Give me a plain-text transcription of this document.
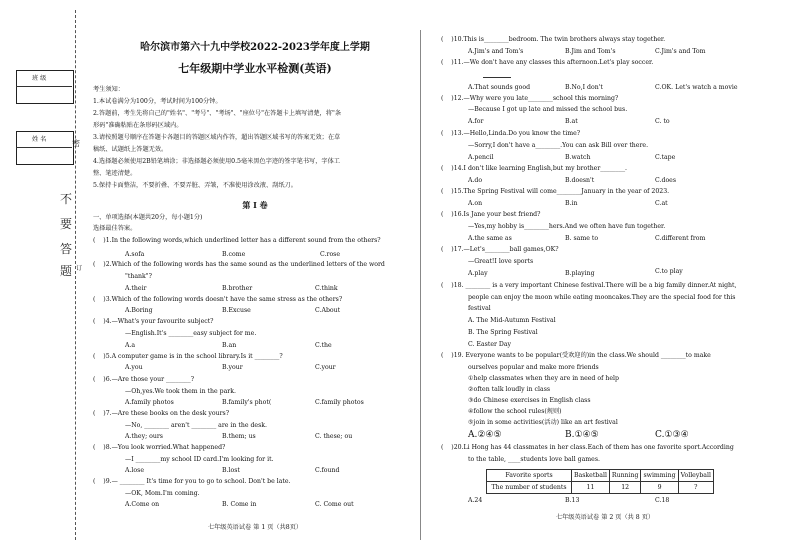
班 级
姓 名	密
不
要
答
题 订
哈尔滨市第六十九中学校2022-2023学年度上学期
七年级期中学业水平检测(英语)
考生须知：
1.本试卷满分为100分，考试时间为100分钟。
2.答题前，考生先将自己的"姓名"、"考号"、"考场"、"座位号"在答题卡上填写清楚，将"条
形码"准确粘贴在条形码区域内。
3.请按照题号顺序在答题卡各题目的答题区域内作答，超出答题区域书写的答案无效；在草
稿纸、试题纸上答题无效。
4.选择题必须使用2B铅笔填涂；非选择题必须使用0.5毫米黑色字迹的签字笔书写，字体工
整、笔迹清楚。
5.保持卡面整洁，不要折叠、不要弄脏、弄皱，不准使用涂改液、刮纸刀。
第 I 卷
一、单项选择(本题共20分，每小题1分)
选择最佳答案。
(    )1.In the following words,which underlined letter has a different sound from the others?
A.sofa	B.come	C.rose
(    )2.Which of the following words has the same sound as the underlined letters of the word
"thank"?
A.their	B.brother	C.think
(    )3.Which of the following words doesn't have the same stress as the others?
A.Boring	B.Excuse	C.About
(    )4.—What's your favourite subject?
—English.It's ________easy subject for me.
A.a	B.an	C.the
(    )5.A computer game is in the school library.Is it ________?
A.you	B.your	C.your
(    )6.—Are those your ________?
—Oh,yes.We took them in the park.
A.family photos	B.family's phot(	C.family photos
(    )7.—Are these books on the desk yours?
—No, ________ aren't ________ are in the desk.
A.they; ours	B.them; us	C. these; ou
(    )8.—You look worried.What happened?
—I ________my school ID card.I'm looking for it.
A.lose	B.lost	C.found
(    )9.— ________ It's time for you to go to school. Don't be late.
—OK, Mom.I'm coming.
A.Come on	B. Come in	C. Come out
七年级英语试卷 第 1 页（共8页）
(    )10.This is________bedroom. The twin brothers always stay together.
A.Jim's and Tom's	B.Jim and Tom's	C.Jim's and Tom
(    )11.—We don't have any classes this afternoon.Let's play soccer.
A.That sounds good	B.No,I don't	C.OK. Let's watch a movie
(    )12.—Why were you late________school this morning?
—Because I got up late and missed the school bus.
A.for	B.at	C. to
(    )13.—Hello,Linda.Do you know the time?
—Sorry,I don't have a________.You can ask Bill over there.
A.pencil	B.watch	C.tape
(    )14.I don't like learning English,but my brother________.
A.do	B.doesn't	C.does
(    )15.The Spring Festival will come________January in the year of 2023.
A.on	B.in	C.at
(    )16.Is Jane your best friend?
—Yes,my hobby is________hers.And we often have fun together.
A.the same as	B. same to	C.different from
(    )17.—Let's________ball games,OK?
—Great!I love sports
A.play	B.playing	C.to play
(    )18. ________ is a very important Chinese festival.There will be a big family dinner.At night,
people can enjoy the moon while eating mooncakes.They are the special food for this
festival
A. The Mid-Autumn Festival
B. The Spring Festival
C. Easter Day
(    )19. Everyone wants to be popular(受欢迎的)in the class.We should ________to make
ourselves popular and make more friends
①help classmates when they are in need of help
②often talk loudly in class
③do Chinese exercises in English class
④follow the school rules(规则)
⑤join in some activities(活动) like an art festival
A.②④⑤	B.①④⑤	C.①③④
(    )20.Li Hong has 44 classmates in her class.Each of them has one favorite sport.According
to the table, ____students love ball games.
Favorite sports	Basketball	Running	swimming	Volleyball
The number of students	11	12	9	?
A.24	B.13	C.18
七年级英语试卷 第 2 页（共 8 页）
